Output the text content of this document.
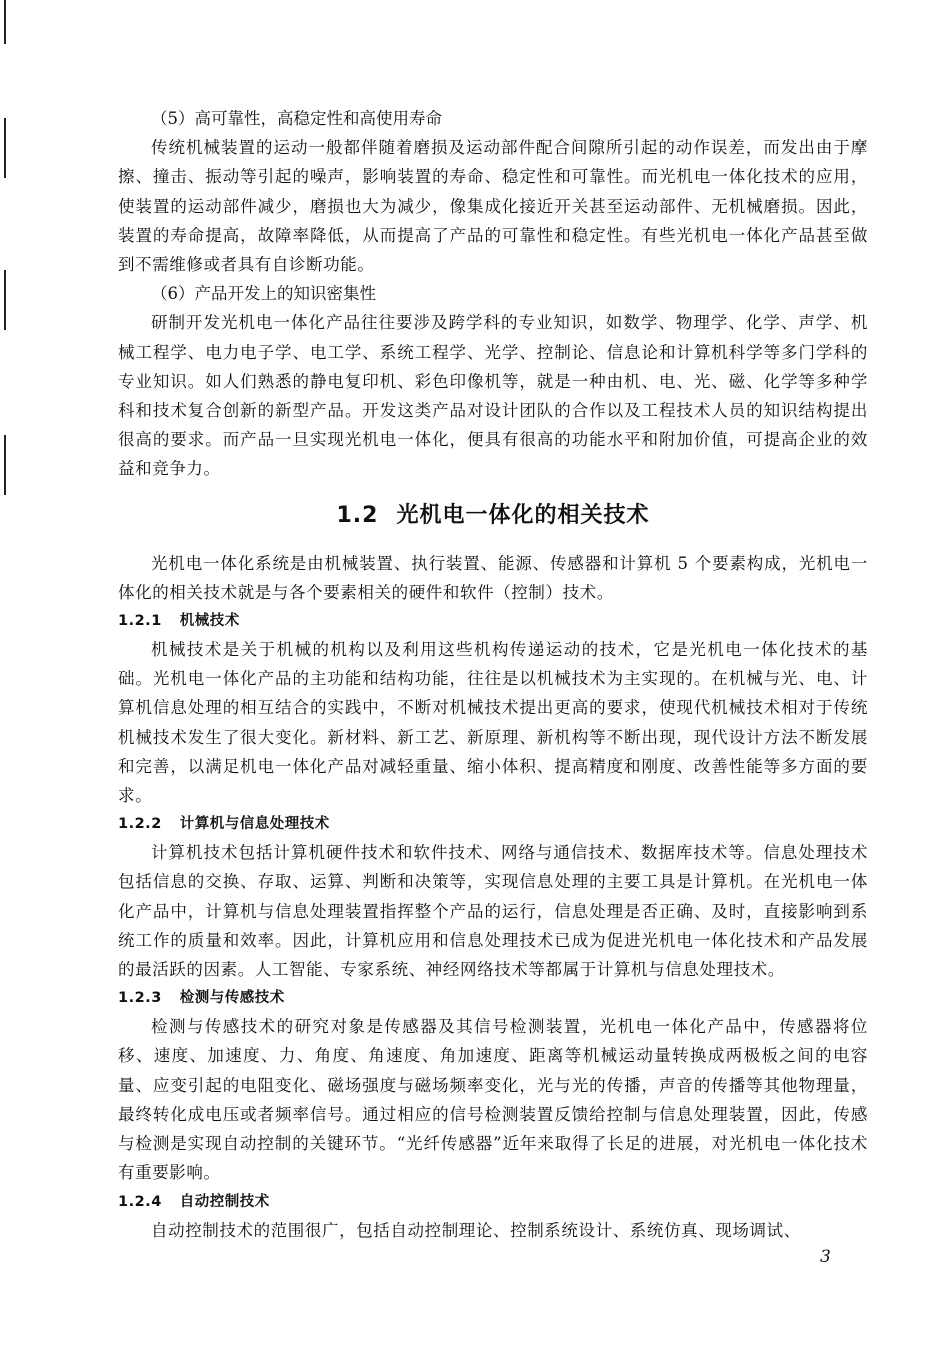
（5）高可靠性，高稳定性和高使用寿命

传统机械装置的运动一般都伴随着磨损及运动部件配合间隙所引起的动作误差，而发出由于摩擦、撞击、振动等引起的噪声，影响装置的寿命、稳定性和可靠性。而光机电一体化技术的应用，使装置的运动部件减少，磨损也大为减少，像集成化接近开关甚至运动部件、无机械磨损。因此，装置的寿命提高，故障率降低，从而提高了产品的可靠性和稳定性。有些光机电一体化产品甚至做到不需维修或者具有自诊断功能。

（6）产品开发上的知识密集性

研制开发光机电一体化产品往往要涉及跨学科的专业知识，如数学、物理学、化学、声学、机械工程学、电力电子学、电工学、系统工程学、光学、控制论、信息论和计算机科学等多门学科的专业知识。如人们熟悉的静电复印机、彩色印像机等，就是一种由机、电、光、磁、化学等多种学科和技术复合创新的新型产品。开发这类产品对设计团队的合作以及工程技术人员的知识结构提出很高的要求。而产品一旦实现光机电一体化，便具有很高的功能水平和附加价值，可提高企业的效益和竞争力。

1.2 光机电一体化的相关技术

光机电一体化系统是由机械装置、执行装置、能源、传感器和计算机 5 个要素构成，光机电一体化的相关技术就是与各个要素相关的硬件和软件（控制）技术。

1.2.1 机械技术

机械技术是关于机械的机构以及利用这些机构传递运动的技术，它是光机电一体化技术的基础。光机电一体化产品的主功能和结构功能，往往是以机械技术为主实现的。在机械与光、电、计算机信息处理的相互结合的实践中，不断对机械技术提出更高的要求，使现代机械技术相对于传统机械技术发生了很大变化。新材料、新工艺、新原理、新机构等不断出现，现代设计方法不断发展和完善，以满足机电一体化产品对减轻重量、缩小体积、提高精度和刚度、改善性能等多方面的要求。

1.2.2 计算机与信息处理技术

计算机技术包括计算机硬件技术和软件技术、网络与通信技术、数据库技术等。信息处理技术包括信息的交换、存取、运算、判断和决策等，实现信息处理的主要工具是计算机。在光机电一体化产品中，计算机与信息处理装置指挥整个产品的运行，信息处理是否正确、及时，直接影响到系统工作的质量和效率。因此，计算机应用和信息处理技术已成为促进光机电一体化技术和产品发展的最活跃的因素。人工智能、专家系统、神经网络技术等都属于计算机与信息处理技术。

1.2.3 检测与传感技术

检测与传感技术的研究对象是传感器及其信号检测装置，光机电一体化产品中，传感器将位移、速度、加速度、力、角度、角速度、角加速度、距离等机械运动量转换成两极板之间的电容量、应变引起的电阻变化、磁场强度与磁场频率变化，光与光的传播，声音的传播等其他物理量，最终转化成电压或者频率信号。通过相应的信号检测装置反馈给控制与信息处理装置，因此，传感与检测是实现自动控制的关键环节。“光纤传感器”近年来取得了长足的进展，对光机电一体化技术有重要影响。

1.2.4 自动控制技术

自动控制技术的范围很广，包括自动控制理论、控制系统设计、系统仿真、现场调试、

3
